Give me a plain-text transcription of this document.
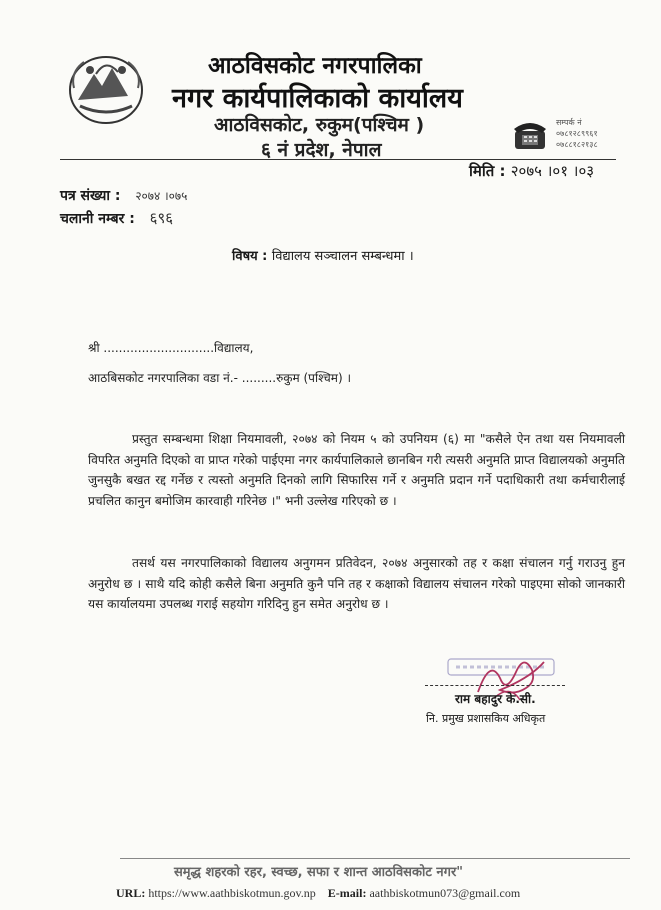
आठविसकोट नगरपालिका
नगर कार्यपालिकाको कार्यालय
आठविसकोट, रुकुम(पश्चिम )
६ नं प्रदेश, नेपाल
सम्पर्क नं
०७८१२८९९६१
०७८८१८२१३८
मिति : २०७५ ।०१ ।०३
पत्र संख्या : २०७४ ।०७५
चलानी नम्बर : ६९६
विषय : विद्यालय सञ्चालन सम्बन्धमा ।
श्री .............................विद्यालय,
आठबिसकोट नगरपालिका वडा नं.- .........रुकुम (पश्चिम) ।
प्रस्तुत सम्बन्धमा शिक्षा नियमावली, २०७४ को नियम ५ को उपनियम (६) मा "कसैले ऐन तथा यस नियमावली विपरित अनुमति दिएको वा प्राप्त गरेको पाईएमा नगर कार्यपालिकाले छानबिन गरी त्यसरी अनुमति प्राप्त विद्यालयको अनुमति जुनसुकै बखत रद्द गर्नेछ र त्यस्तो अनुमति दिनको लागि सिफारिस गर्ने र अनुमति प्रदान गर्ने पदाधिकारी तथा कर्मचारीलाई प्रचलित कानुन बमोजिम कारवाही गरिनेछ ।" भनी उल्लेख गरिएको छ ।
तसर्थ यस नगरपालिकाको विद्यालय अनुगमन प्रतिवेदन, २०७४ अनुसारको तह र कक्षा संचालन गर्नु गराउनु हुन अनुरोध छ । साथै यदि कोही कसैले बिना अनुमति कुनै पनि तह र कक्षाको विद्यालय संचालन गरेको पाइएमा सोको जानकारी यस कार्यालयमा उपलब्ध गराई सहयोग गरिदिनु हुन समेत अनुरोध छ ।
राम बहादुर के.सी.
नि. प्रमुख प्रशासकिय अधिकृत
समृद्ध शहरको रहर, स्वच्छ, सफा र शान्त आठविसकोट नगर"
URL: https://www.aathbiskotmun.gov.np E-mail: aathbiskotmun073@gmail.com
